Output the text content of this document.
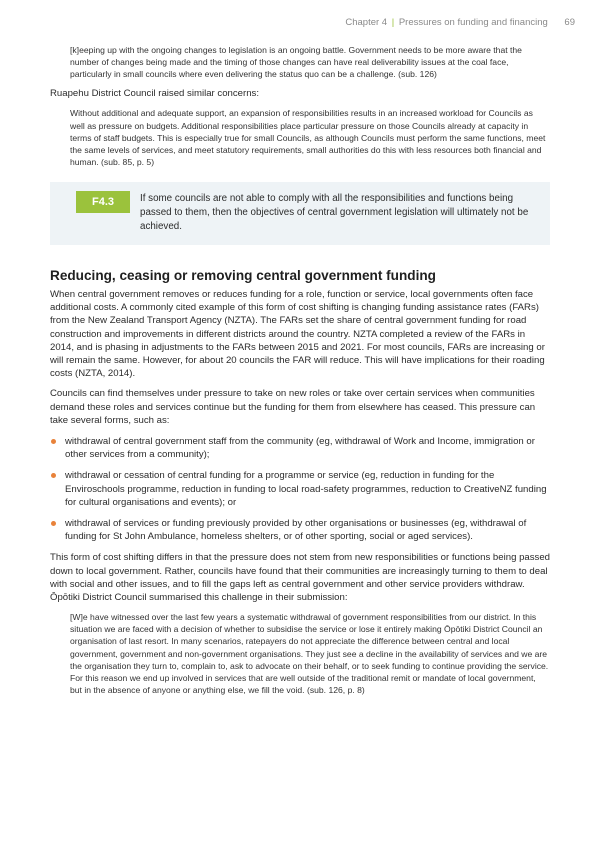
Chapter 4 | Pressures on funding and financing 69

[k]eeping up with the ongoing changes to legislation is an ongoing battle. Government needs to be more aware that the number of changes being made and the timing of those changes can have real deliverability issues at the coal face, particularly in small councils where even delivering the status quo can be a challenge. (sub. 126)

Ruapehu District Council raised similar concerns:

Without additional and adequate support, an expansion of responsibilities results in an increased workload for Councils as well as pressure on budgets. Additional responsibilities place particular pressure on those Councils already at capacity in terms of staff budgets. This is especially true for small Councils, as although Councils must perform the same functions, meet the same levels of services, and meet statutory requirements, small authorities do this with less resources both financial and human. (sub. 85, p. 5)

F4.3	If some councils are not able to comply with all the responsibilities and functions being passed to them, then the objectives of central government legislation will ultimately not be achieved.
Reducing, ceasing or removing central government funding

When central government removes or reduces funding for a role, function or service, local governments often face additional costs. A commonly cited example of this form of cost shifting is changing funding assistance rates (FARs) from the New Zealand Transport Agency (NZTA). The FARs set the share of central government funding for road construction and improvements in different districts around the country. NZTA completed a review of the FARs in 2014, and is phasing in adjustments to the FARs between 2015 and 2021. For most councils, FARs are increasing or will remain the same. However, for about 20 councils the FAR will reduce. This will have implications for their roading costs (NZTA, 2014).

Councils can find themselves under pressure to take on new roles or take over certain services when communities demand these roles and services continue but the funding for them from elsewhere has ceased. This pressure can take several forms, such as:

withdrawal of central government staff from the community (eg, withdrawal of Work and Income, immigration or other services from a community);
withdrawal or cessation of central funding for a programme or service (eg, reduction in funding for the Enviroschools programme, reduction in funding to local road-safety programmes, reduction to CreativeNZ funding for cultural organisations and events); or
withdrawal of services or funding previously provided by other organisations or businesses (eg, withdrawal of funding for St John Ambulance, homeless shelters, or of other sporting, social or aged services).

This form of cost shifting differs in that the pressure does not stem from new responsibilities or functions being passed down to local government. Rather, councils have found that their communities are increasingly turning to them to deal with social and other issues, and to fill the gaps left as central government and other service providers withdraw. Ōpōtiki District Council summarised this challenge in their submission:

[W]e have witnessed over the last few years a systematic withdrawal of government responsibilities from our district. In this situation we are faced with a decision of whether to subsidise the service or lose it entirely making Ōpōtiki District Council an organisation of last resort. In many scenarios, ratepayers do not appreciate the difference between central and local government, government and non-government organisations. They just see a decline in the availability of services and we are the organisation they turn to, complain to, ask to advocate on their behalf, or to seek funding to continue providing the service. For this reason we end up involved in services that are well outside of the traditional remit or mandate of local government, but in the absence of anyone or anything else, we fill the void. (sub. 126, p. 8)
